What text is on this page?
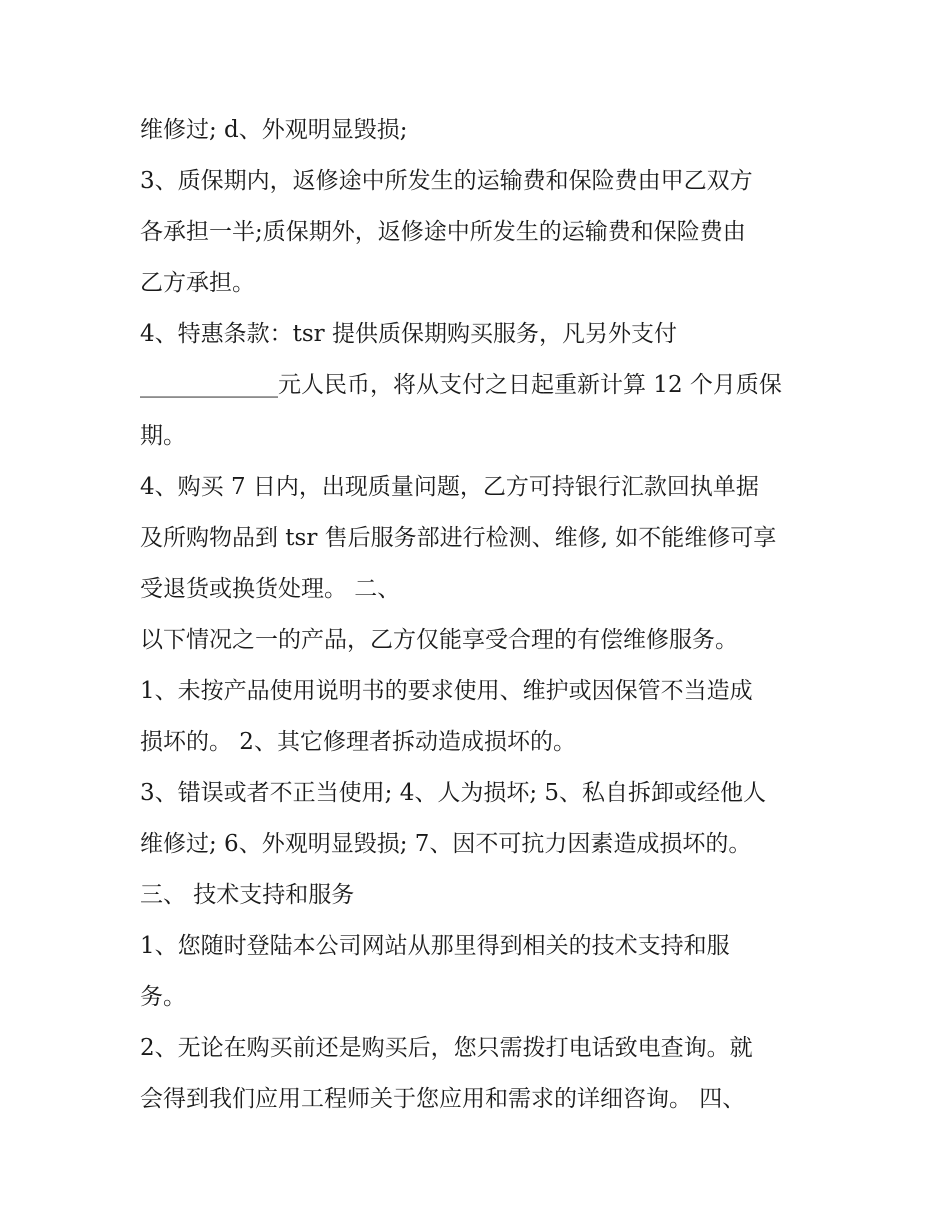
维修过; d、外观明显毁损;
3、质保期内，返修途中所发生的运输费和保险费由甲乙双方
各承担一半;质保期外，返修途中所发生的运输费和保险费由
乙方承担。
4、特惠条款：tsr 提供质保期购买服务，凡另外支付
____________元人民币，将从支付之日起重新计算 12 个月质保
期。
4、购买 7 日内，出现质量问题，乙方可持银行汇款回执单据
及所购物品到 tsr 售后服务部进行检测、维修, 如不能维修可享
受退货或换货处理。 二、
以下情况之一的产品，乙方仅能享受合理的有偿维修服务。
1、未按产品使用说明书的要求使用、维护或因保管不当造成
损坏的。 2、其它修理者拆动造成损坏的。
3、错误或者不正当使用; 4、人为损坏; 5、私自拆卸或经他人
维修过; 6、外观明显毁损; 7、因不可抗力因素造成损坏的。
三、 技术支持和服务
1、您随时登陆本公司网站从那里得到相关的技术支持和服
务。
2、无论在购买前还是购买后，您只需拨打电话致电查询。就
会得到我们应用工程师关于您应用和需求的详细咨询。 四、
